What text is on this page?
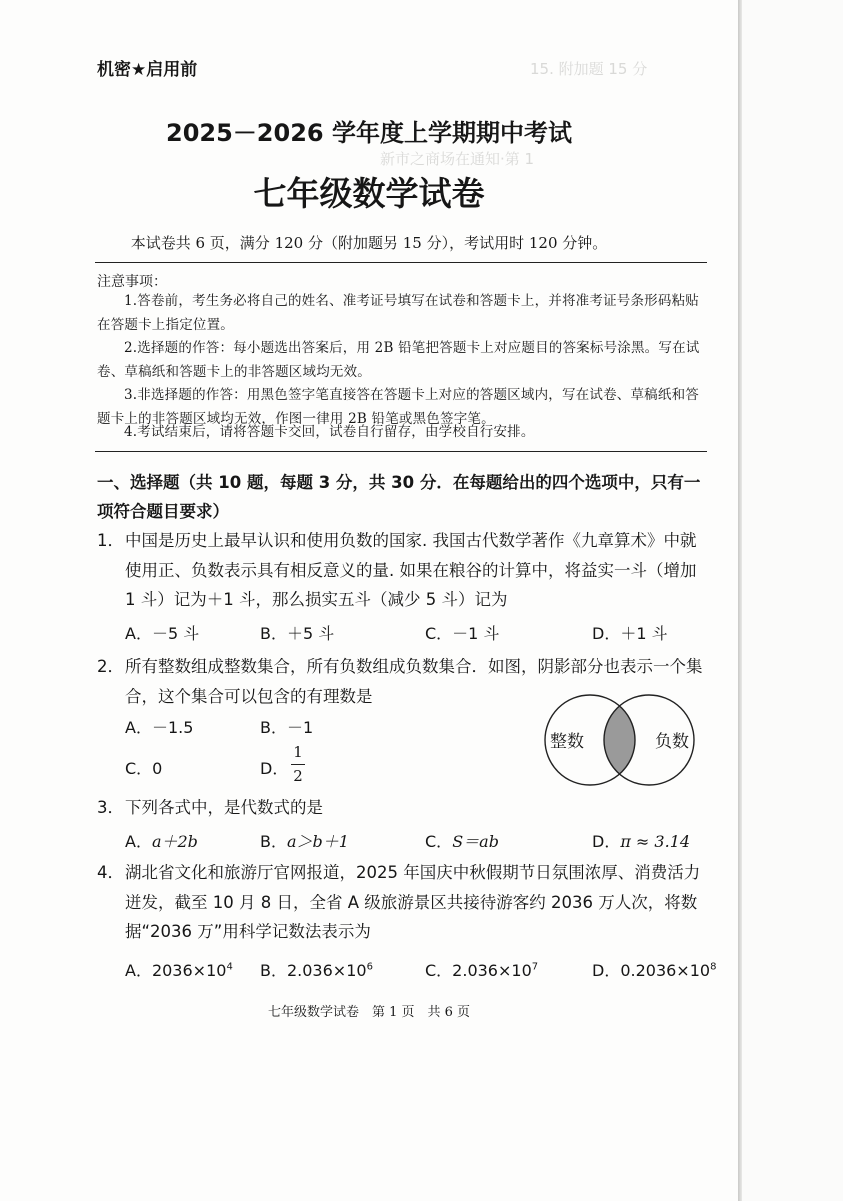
15. 附加题 15 分
新市之商场在通知·第 1
机密★启用前
2025－2026 学年度上学期期中考试
七年级数学试卷
本试卷共 6 页，满分 120 分（附加题另 15 分），考试用时 120 分钟。
注意事项：
1.答卷前，考生务必将自己的姓名、准考证号填写在试卷和答题卡上，并将准考证号条形码粘贴在答题卡上指定位置。
2.选择题的作答：每小题选出答案后，用 2B 铅笔把答题卡上对应题目的答案标号涂黑。写在试卷、草稿纸和答题卡上的非答题区域均无效。
3.非选择题的作答：用黑色签字笔直接答在答题卡上对应的答题区域内，写在试卷、草稿纸和答题卡上的非答题区域均无效，作图一律用 2B 铅笔或黑色签字笔。
4.考试结束后，请将答题卡交回，试卷自行留存，由学校自行安排。
一、选择题（共 10 题，每题 3 分，共 30 分．在每题给出的四个选项中，只有一项符合题目要求）
1． 中国是历史上最早认识和使用负数的国家. 我国古代数学著作《九章算术》中就使用正、负数表示具有相反意义的量. 如果在粮谷的计算中，将益实一斗（增加 1 斗）记为＋1 斗，那么损实五斗（减少 5 斗）记为
A．－5 斗	B．＋5 斗	C．－1 斗	D．＋1 斗
2． 所有整数组成整数集合，所有负数组成负数集合．如图，阴影部分也表示一个集合，这个集合可以包含的有理数是
A．－1.5	B．－1
C．0	D．
1
2
整数	负数
3． 下列各式中，是代数式的是
A．a＋2b	B．a＞b＋1	C．S＝ab	D．π ≈ 3.14
4． 湖北省文化和旅游厅官网报道，2025 年国庆中秋假期节日氛围浓厚、消费活力迸发，截至 10 月 8 日，全省 A 级旅游景区共接待游客约 2036 万人次，将数据“2036 万”用科学记数法表示为
A．$2036\times 10^4$ B．$2.036\times 10^6$	C．$2.036\times 10^7$	D．$0.2036\times 10^8$
七年级数学试卷　第 1 页　共 6 页
